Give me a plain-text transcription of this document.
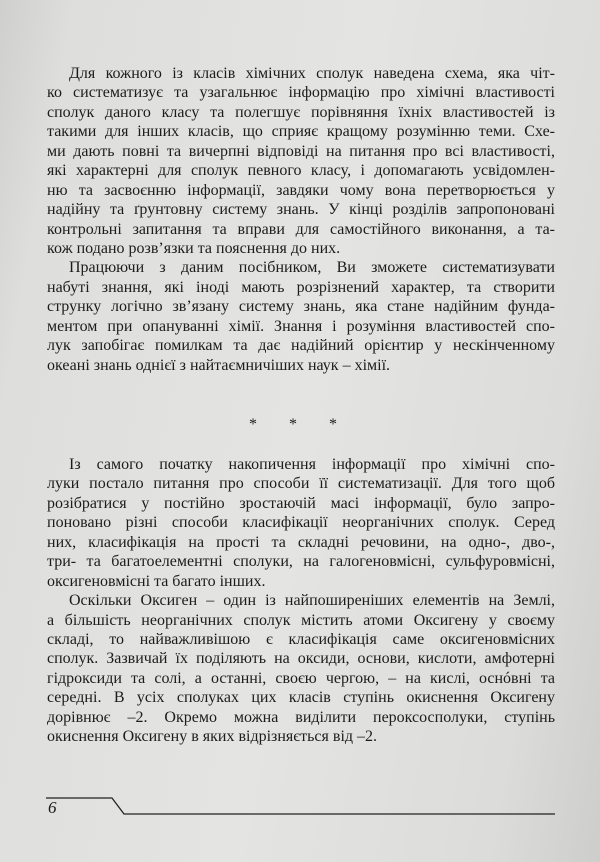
Для кожного із класів хімічних сполук наведена схема, яка чіт-
ко систематизує та узагальнює інформацію про хімічні властивості
сполук даного класу та полегшує порівняння їхніх властивостей із
такими для інших класів, що сприяє кращому розумінню теми. Схе-
ми дають повні та вичерпні відповіді на питання про всі властивості,
які характерні для сполук певного класу, і допомагають усвідомлен-
ню та засвоєнню інформації, завдяки чому вона перетворюється у
надійну та ґрунтовну систему знань. У кінці розділів запропоновані
контрольні запитання та вправи для самостійного виконання, а та-
кож подано розв’язки та пояснення до них.
Працюючи з даним посібником, Ви зможете систематизувати
набуті знання, які іноді мають розрізнений характер, та створити
струнку логічно зв’язану систему знань, яка стане надійним фунда-
ментом при опануванні хімії. Знання і розуміння властивостей спо-
лук запобігає помилкам та дає надійний орієнтир у нескінченному
океані знань однієї з найтаємничіших наук – хімії.
* * *
Із самого початку накопичення інформації про хімічні спо-
луки постало питання про способи її систематизації. Для того щоб
розібратися у постійно зростаючій масі інформації, було запро-
поновано різні способи класифікації неорганічних сполук. Серед
них, класифікація на прості та складні речовини, на одно-, дво-,
три- та багатоелементні сполуки, на галогеновмісні, сульфуровмісні,
оксигеновмісні та багато інших.
Оскільки Оксиген – один із найпоширеніших елементів на Землі,
а більшість неорганічних сполук містить атоми Оксигену у своєму
складі, то найважливішою є класифікація саме оксигеновмісних
сполук. Зазвичай їх поділяють на оксиди, основи, кислоти, амфотерні
гідроксиди та солі, а останні, своєю чергою, – на кислі, оснóвні та
середні. В усіх сполуках цих класів ступінь окиснення Оксигену
дорівнює –2. Окремо можна виділити пероксосполуки, ступінь
окиснення Оксигену в яких відрізняється від –2.
6
